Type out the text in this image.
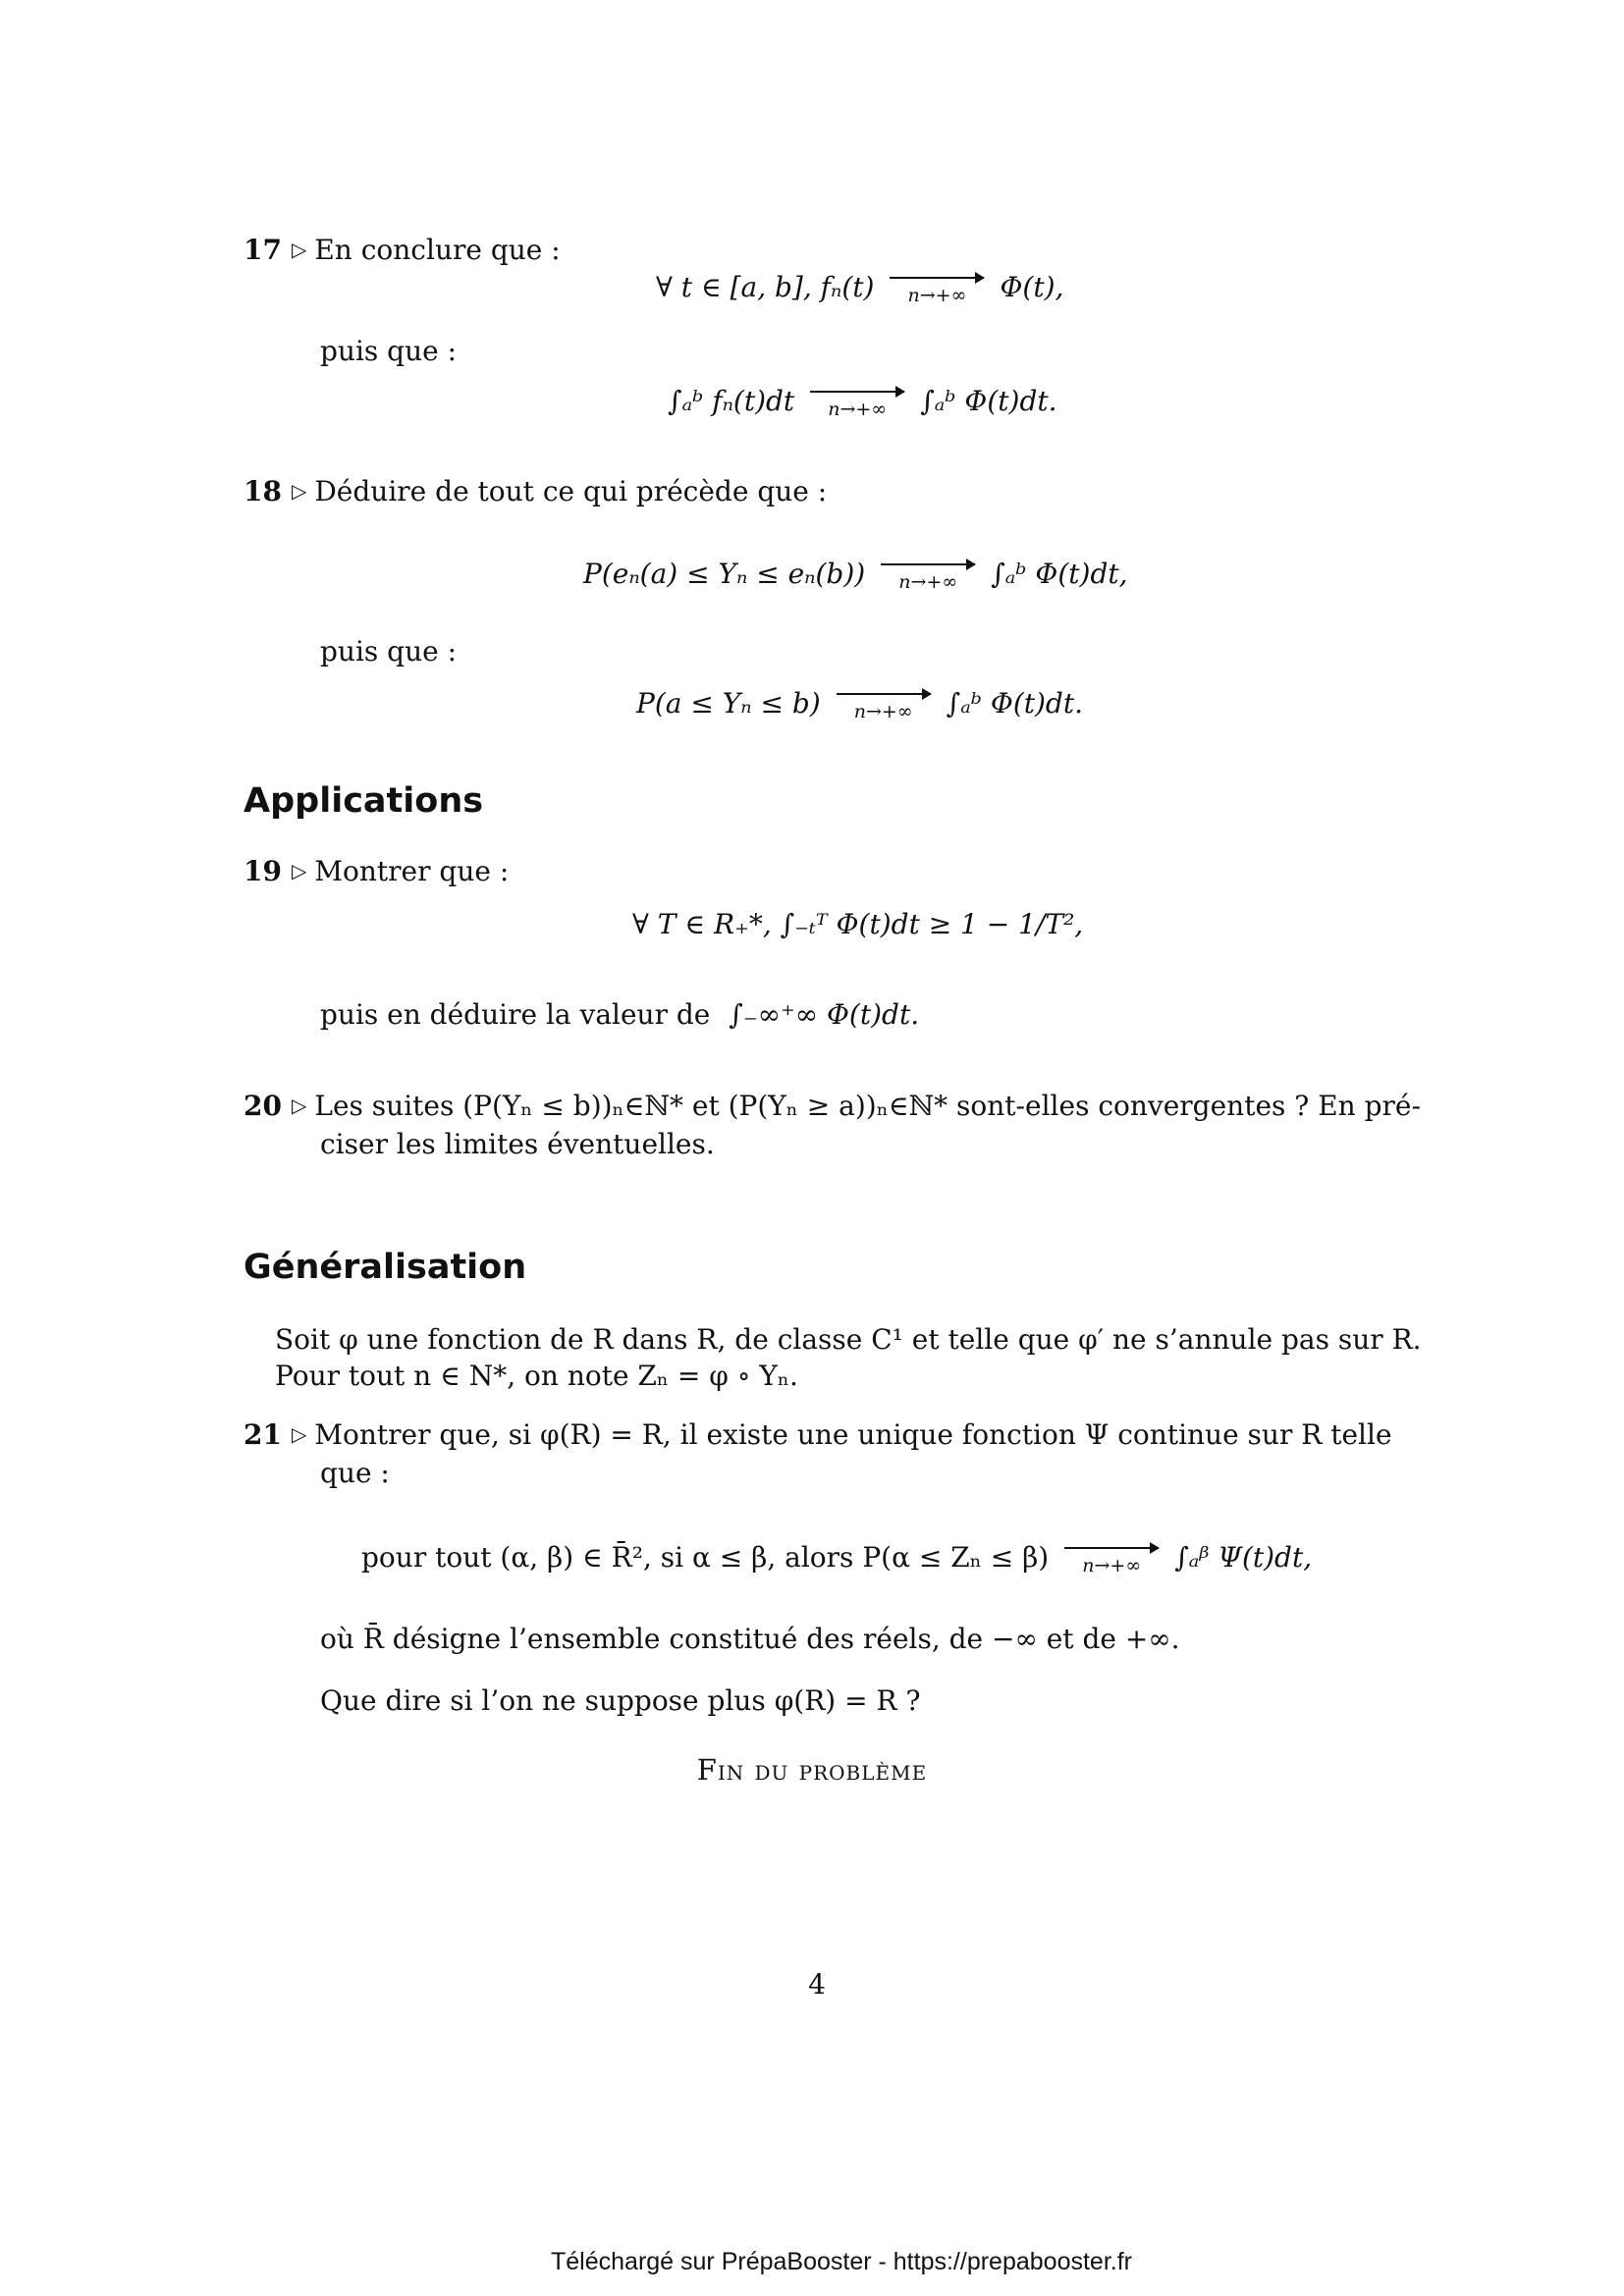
17 ▷ En conclure que :
∀ t ∈ [a, b], fₙ(t) n→+∞ Φ(t),
puis que :
∫ₐᵇ fₙ(t)dt n→+∞ ∫ₐᵇ Φ(t)dt.
18 ▷ Déduire de tout ce qui précède que :
P(eₙ(a) ≤ Yₙ ≤ eₙ(b)) n→+∞ ∫ₐᵇ Φ(t)dt,
puis que :
P(a ≤ Yₙ ≤ b) n→+∞ ∫ₐᵇ Φ(t)dt.
Applications
19 ▷ Montrer que :
∀ T ∈ R₊*, ∫₋ₜᵀ Φ(t)dt ≥ 1 − 1/T²,
puis en déduire la valeur de ∫₋∞⁺∞ Φ(t)dt.
20 ▷ Les suites (P(Yₙ ≤ b))ₙ∈ℕ* et (P(Yₙ ≥ a))ₙ∈ℕ* sont-elles convergentes ? En pré-
ciser les limites éventuelles.
Généralisation
Soit φ une fonction de R dans R, de classe C¹ et telle que φ′ ne s’annule pas sur R.
Pour tout n ∈ N*, on note Zₙ = φ ∘ Yₙ.
21 ▷ Montrer que, si φ(R) = R, il existe une unique fonction Ψ continue sur R telle
que :
pour tout (α, β) ∈ R̄², si α ≤ β, alors P(α ≤ Zₙ ≤ β) n→+∞ ∫ₐᵝ Ψ(t)dt,
où R̄ désigne l’ensemble constitué des réels, de −∞ et de +∞.
Que dire si l’on ne suppose plus φ(R) = R ?
Fin du problème
4
Téléchargé sur PrépaBooster - https://prepabooster.fr
